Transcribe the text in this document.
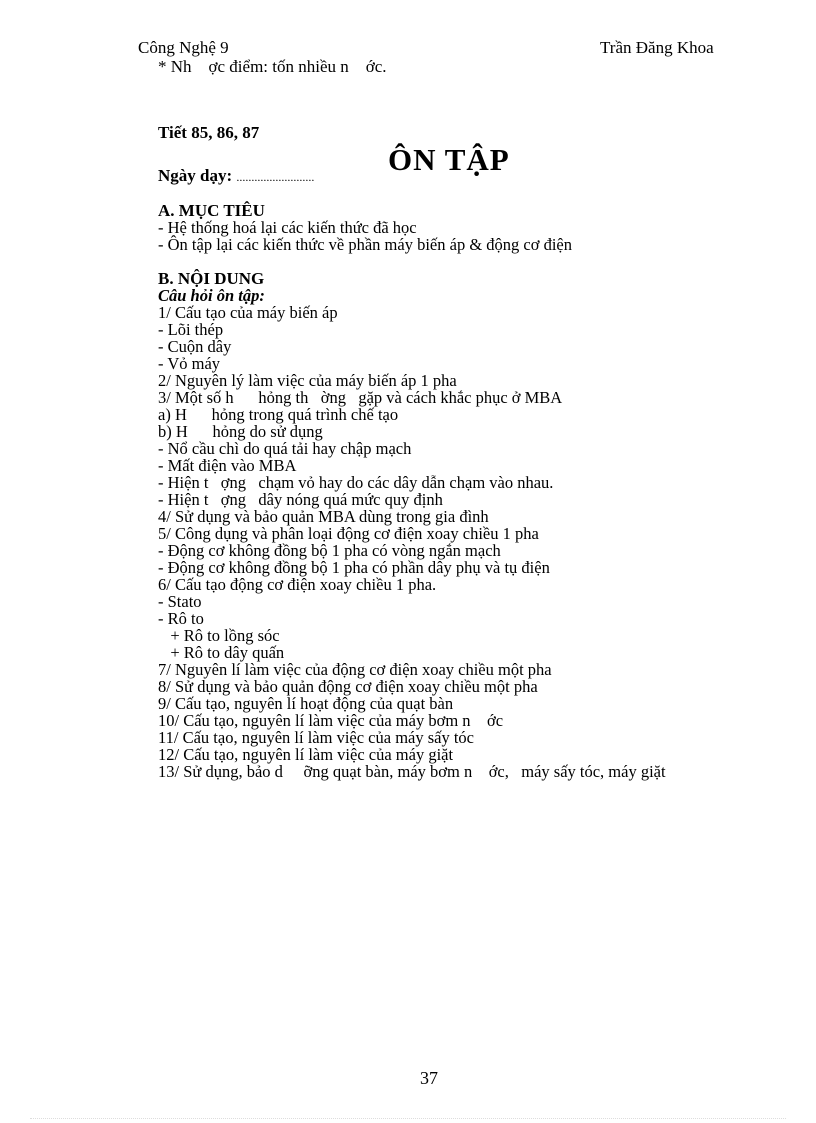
Công Nghệ 9	Trần Đăng Khoa
* Nh    ợc điểm: tốn nhiều n    ớc.
Tiết 85, 86, 87
Ngày dạy: .......................... ÔN TẬP
A. MỤC TIÊU
- Hệ thống hoá lại các kiến thức đã học
- Ôn tập lại các kiến thức về phần máy biến áp & động cơ điện
B. NỘI DUNG
Câu hỏi ôn tập:
1/ Cấu tạo của máy biến áp
- Lõi thép
- Cuộn dây
- Vỏ máy
2/ Nguyên lý làm việc của máy biến áp 1 pha
3/ Một số h      hỏng th   ờng   gặp và cách khắc phục ở MBA
a) H      hỏng trong quá trình chế tạo
b) H      hỏng do sử dụng
- Nổ cầu chì do quá tải hay chập mạch
- Mất điện vào MBA
- Hiện t   ợng   chạm vỏ hay do các dây dẫn chạm vào nhau.
- Hiện t   ợng   dây nóng quá mức quy định
4/ Sử dụng và bảo quản MBA dùng trong gia đình
5/ Công dụng và phân loại động cơ điện xoay chiều 1 pha
- Động cơ không đồng bộ 1 pha có vòng ngắn mạch
- Động cơ không đồng bộ 1 pha có phần dây phụ và tụ điện
6/ Cấu tạo động cơ điện xoay chiều 1 pha.
- Stato
- Rô to
+ Rô to lồng sóc
+ Rô to dây quấn
7/ Nguyên lí làm việc của động cơ điện xoay chiều một pha
8/ Sử dụng và bảo quản động cơ điện xoay chiều một pha
9/ Cấu tạo, nguyên lí hoạt động của quạt bàn
10/ Cấu tạo, nguyên lí làm việc của máy bơm n    ớc
11/ Cấu tạo, nguyên lí làm việc của máy sấy tóc
12/ Cấu tạo, nguyên lí làm việc của máy giặt
13/ Sử dụng, bảo d     ỡng quạt bàn, máy bơm n    ớc,   máy sấy tóc, máy giặt
37
